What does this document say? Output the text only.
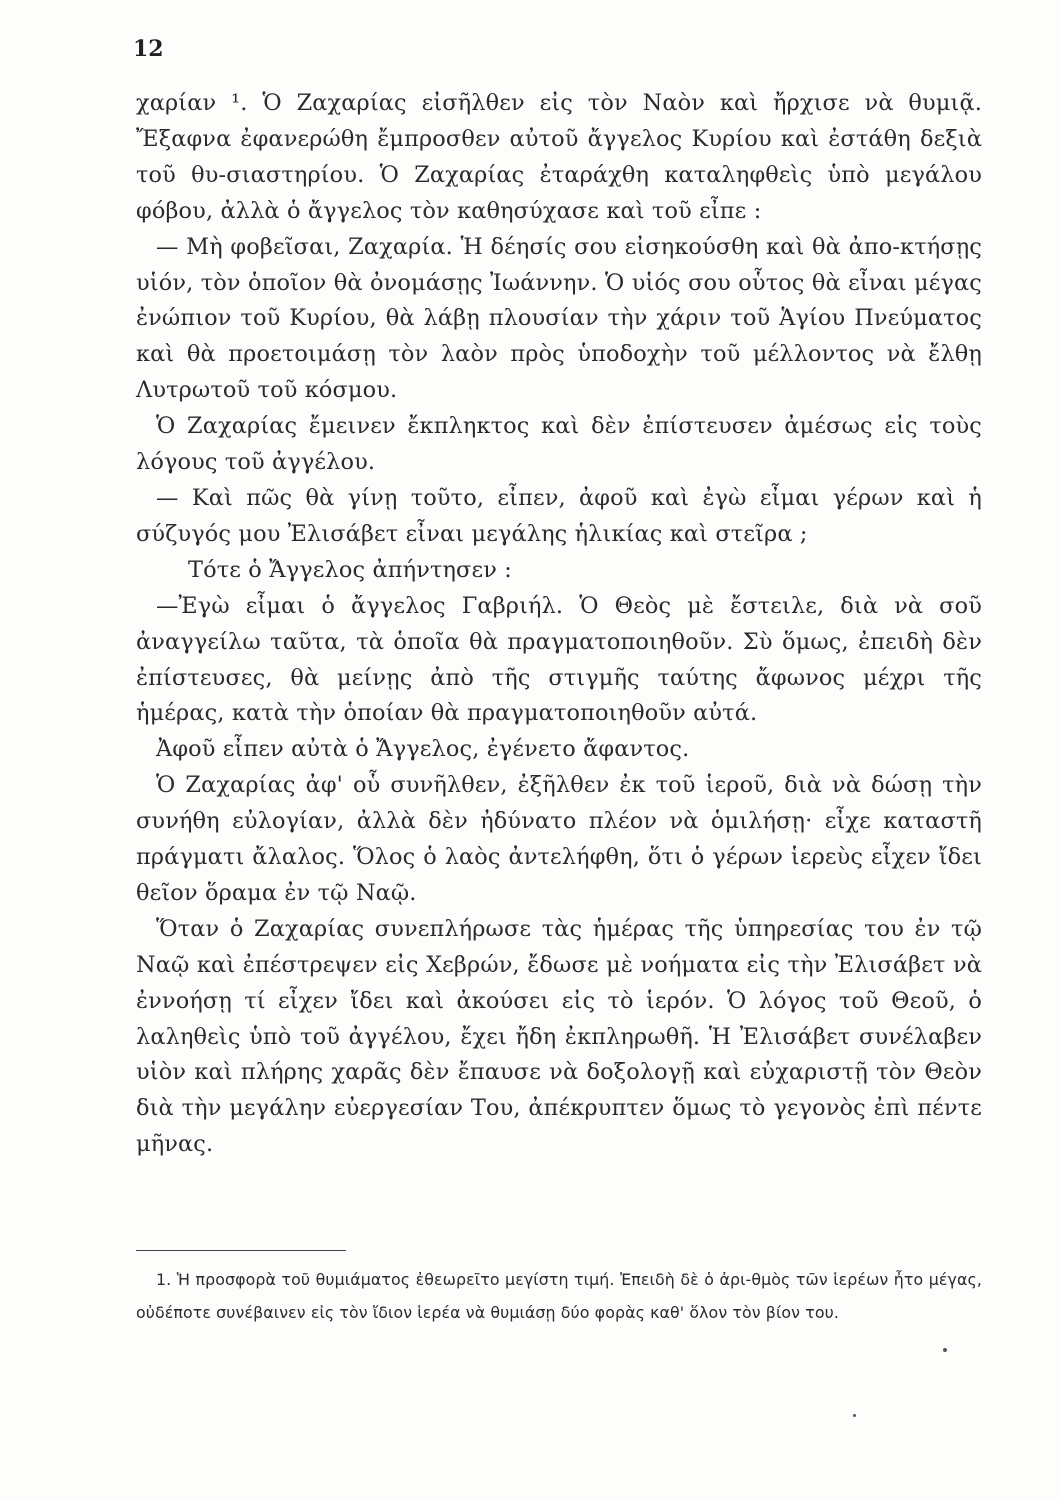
12

χαρίαν ¹. Ὁ Ζαχαρίας εἰσῆλθεν εἰς τὸν Ναὸν καὶ ἤρχισε νὰ θυμιᾷ. Ἔξαφνα ἐφανερώθη ἔμπροσθεν αὐτοῦ ἄγγελος Κυρίου καὶ ἐστάθη δεξιὰ τοῦ θυ-σιαστηρίου. Ὁ Ζαχαρίας ἐταράχθη καταληφθεὶς ὑπὸ μεγάλου φόβου, ἀλλὰ ὁ ἄγγελος τὸν καθησύχασε καὶ τοῦ εἶπε :

— Μὴ φοβεῖσαι, Ζαχαρία. Ἡ δέησίς σου εἰσηκούσθη καὶ θὰ ἀπο-κτήσῃς υἱόν, τὸν ὁποῖον θὰ ὀνομάσῃς Ἰωάννην. Ὁ υἱός σου οὗτος θὰ εἶναι μέγας ἐνώπιον τοῦ Κυρίου, θὰ λάβῃ πλουσίαν τὴν χάριν τοῦ Ἁγίου Πνεύματος καὶ θὰ προετοιμάσῃ τὸν λαὸν πρὸς ὑποδοχὴν τοῦ μέλλοντος νὰ ἔλθῃ Λυτρωτοῦ τοῦ κόσμου.

Ὁ Ζαχαρίας ἔμεινεν ἔκπληκτος καὶ δὲν ἐπίστευσεν ἀμέσως εἰς τοὺς λόγους τοῦ ἀγγέλου.

— Καὶ πῶς θὰ γίνῃ τοῦτο, εἶπεν, ἀφοῦ καὶ ἐγὼ εἶμαι γέρων καὶ ἡ σύζυγός μου Ἐλισάβετ εἶναι μεγάλης ἡλικίας καὶ στεῖρα ;

Τότε ὁ Ἄγγελος ἀπήντησεν :

—Ἐγὼ εἶμαι ὁ ἄγγελος Γαβριήλ. Ὁ Θεὸς μὲ ἔστειλε, διὰ νὰ σοῦ ἀναγγείλω ταῦτα, τὰ ὁποῖα θὰ πραγματοποιηθοῦν. Σὺ ὅμως, ἐπειδὴ δὲν ἐπίστευσες, θὰ μείνῃς ἀπὸ τῆς στιγμῆς ταύτης ἄφωνος μέχρι τῆς ἡμέρας, κατὰ τὴν ὁποίαν θὰ πραγματοποιηθοῦν αὐτά.

Ἀφοῦ εἶπεν αὐτὰ ὁ Ἄγγελος, ἐγένετο ἄφαντος.

Ὁ Ζαχαρίας ἀφ' οὗ συνῆλθεν, ἐξῆλθεν ἐκ τοῦ ἱεροῦ, διὰ νὰ δώσῃ τὴν συνήθη εὐλογίαν, ἀλλὰ δὲν ἠδύνατο πλέον νὰ ὁμιλήσῃ· εἶχε καταστῆ πράγματι ἄλαλος. Ὅλος ὁ λαὸς ἀντελήφθη, ὅτι ὁ γέρων ἱερεὺς εἶχεν ἴδει θεῖον ὅραμα ἐν τῷ Ναῷ.

Ὅταν ὁ Ζαχαρίας συνεπλήρωσε τὰς ἡμέρας τῆς ὑπηρεσίας του ἐν τῷ Ναῷ καὶ ἐπέστρεψεν εἰς Χεβρών, ἔδωσε μὲ νοήματα εἰς τὴν Ἐλισάβετ νὰ ἐννοήσῃ τί εἶχεν ἴδει καὶ ἀκούσει εἰς τὸ ἱερόν. Ὁ λόγος τοῦ Θεοῦ, ὁ λαληθεὶς ὑπὸ τοῦ ἀγγέλου, ἔχει ἤδη ἐκπληρωθῆ. Ἡ Ἐλισάβετ συνέλαβεν υἱὸν καὶ πλήρης χαρᾶς δὲν ἔπαυσε νὰ δοξολογῇ καὶ εὐχαριστῇ τὸν Θεὸν διὰ τὴν μεγάλην εὐεργεσίαν Του, ἀπέκρυπτεν ὅμως τὸ γεγονὸς ἐπὶ πέντε μῆνας.

1. Ἡ προσφορὰ τοῦ θυμιάματος ἐθεωρεῖτο μεγίστη τιμή. Ἐπειδὴ δὲ ὁ ἀρι-θμὸς τῶν ἱερέων ἦτο μέγας, οὐδέποτε συνέβαινεν εἰς τὸν ἴδιον ἱερέα νὰ θυμιάσῃ δύο φορὰς καθ' ὅλον τὸν βίον του.
